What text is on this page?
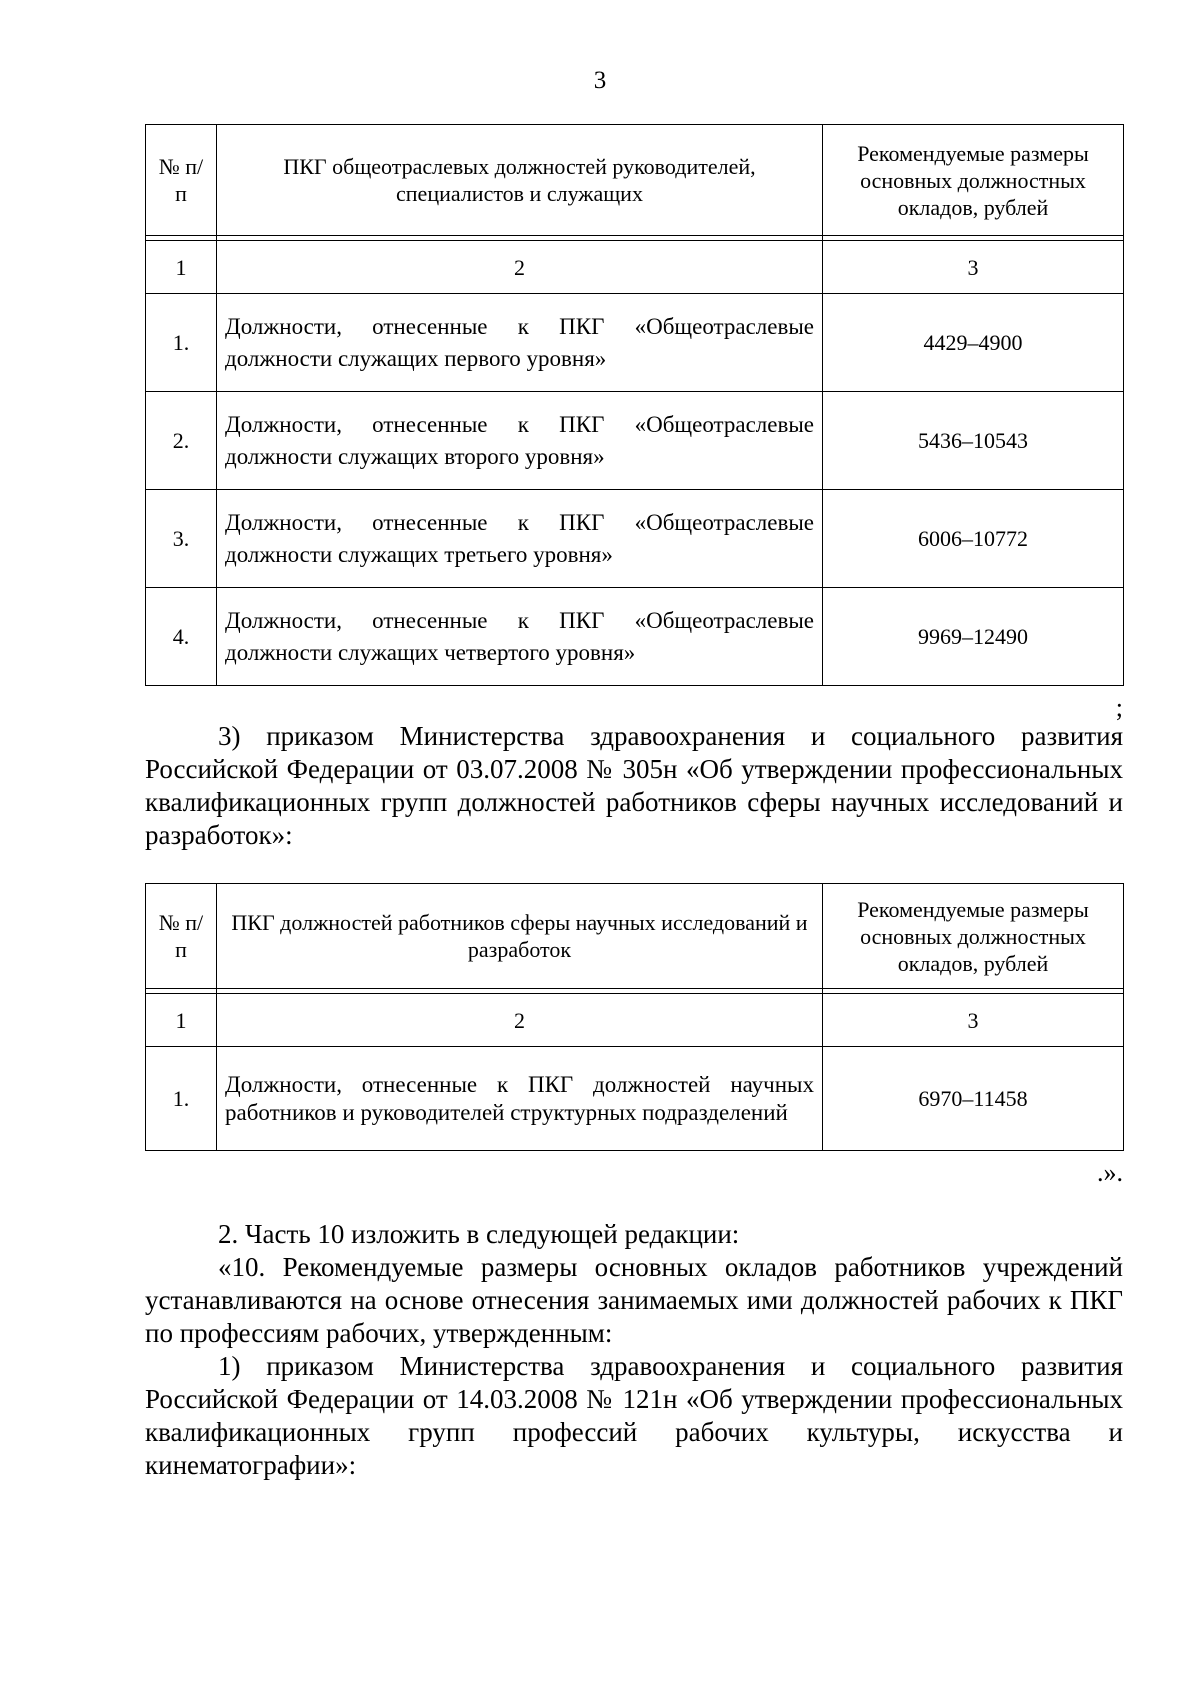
3
№ п/п	ПКГ общеотраслевых должностей руководителей, специалистов и служащих	Рекомендуемые размеры основных должностных окладов, рублей

1	2	3
1.	Должности, отнесенные к ПКГ «Общеотраслевые должности служащих первого уровня»	4429–4900
2.	Должности, отнесенные к ПКГ «Общеотраслевые должности служащих второго уровня»	5436–10543
3.	Должности, отнесенные к ПКГ «Общеотраслевые должности служащих третьего уровня»	6006–10772
4.	Должности, отнесенные к ПКГ «Общеотраслевые должности служащих четвертого уровня»	9969–12490
;

3) приказом Министерства здравоохранения и социального развития Российской Федерации от 03.07.2008 № 305н «Об утверждении профессиональных квалификационных групп должностей работников сферы научных исследований и разработок»:

№ п/п	ПКГ должностей работников сферы научных исследований и разработок	Рекомендуемые размеры основных должностных окладов, рублей

1	2	3
1.	Должности, отнесенные к ПКГ должностей научных работников и руководителей структурных подразделений	6970–11458
.».

2. Часть 10 изложить в следующей редакции:

«10. Рекомендуемые размеры основных окладов работников учреждений устанавливаются на основе отнесения занимаемых ими должностей рабочих к ПКГ по профессиям рабочих, утвержденным:

1) приказом Министерства здравоохранения и социального развития Российской Федерации от 14.03.2008 № 121н «Об утверждении профессиональных квалификационных групп профессий рабочих культуры, искусства и кинематографии»:
